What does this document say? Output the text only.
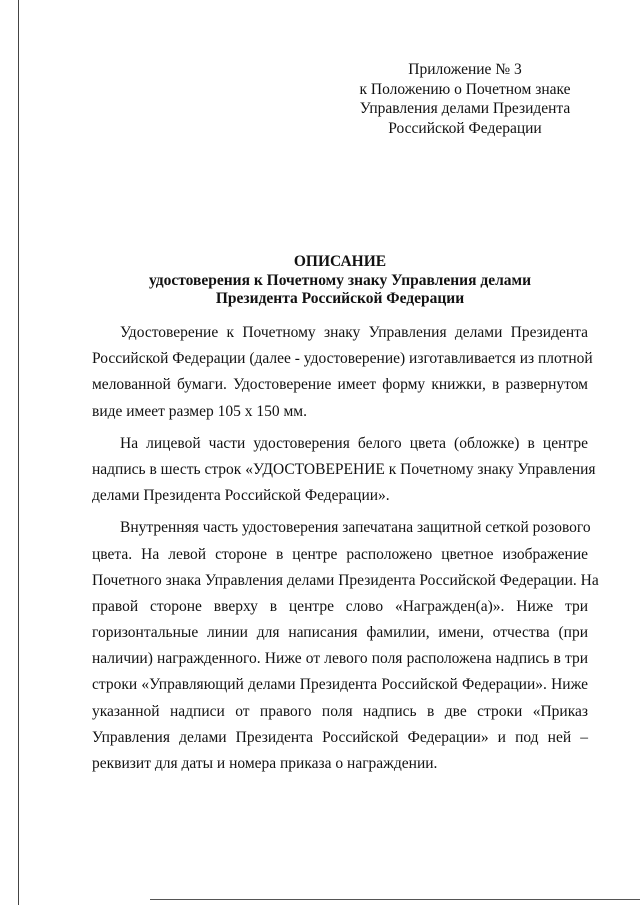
Приложение № 3
к Положению о Почетном знаке
Управления делами Президента
Российской Федерации
ОПИСАНИЕ
удостоверения к Почетному знаку Управления делами
Президента Российской Федерации
Удостоверение к Почетному знаку Управления делами Президента
Российской Федерации (далее - удостоверение) изготавливается из плотной
мелованной бумаги. Удостоверение имеет форму книжки, в развернутом
виде имеет размер 105 х 150 мм.
На лицевой части удостоверения белого цвета (обложке) в центре
надпись в шесть строк «УДОСТОВЕРЕНИЕ к Почетному знаку Управления
делами Президента Российской Федерации».
Внутренняя часть удостоверения запечатана защитной сеткой розового
цвета. На левой стороне в центре расположено цветное изображение
Почетного знака Управления делами Президента Российской Федерации. На
правой стороне вверху в центре слово «Награжден(а)». Ниже три
горизонтальные линии для написания фамилии, имени, отчества (при
наличии) награжденного. Ниже от левого поля расположена надпись в три
строки «Управляющий делами Президента Российской Федерации». Ниже
указанной надписи от правого поля надпись в две строки «Приказ
Управления делами Президента Российской Федерации» и под ней –
реквизит для даты и номера приказа о награждении.
